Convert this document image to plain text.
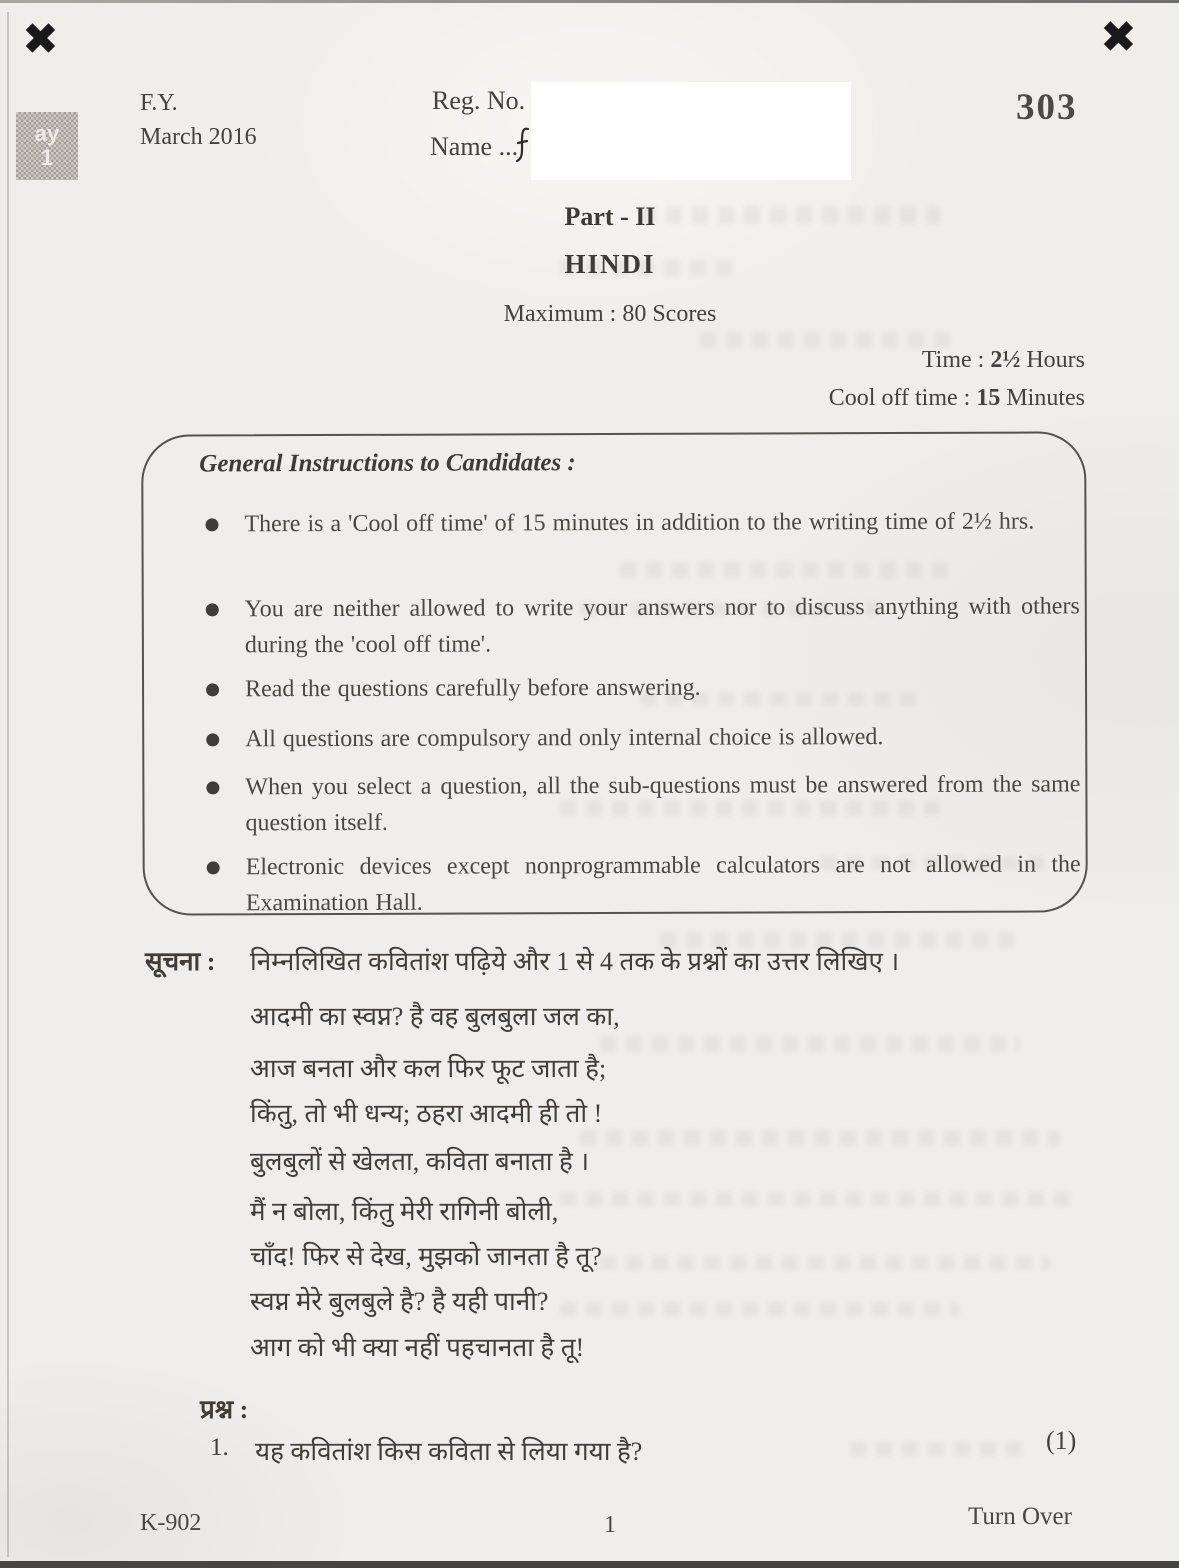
✖	✖
ay
1
F.Y.
March 2016
Reg. No.
Name ...
303
Part - II
HINDI
Maximum : 80 Scores
Time : 2½ Hours
Cool off time : 15 Minutes
General Instructions to Candidates :
There is a 'Cool off time' of 15 minutes in addition to the writing time of 2½ hrs.
You are neither allowed to write your answers nor to discuss anything with others during the 'cool off time'.
Read the questions carefully before answering.
All questions are compulsory and only internal choice is allowed.
When you select a question, all the sub-questions must be answered from the same question itself.
Electronic devices except nonprogrammable calculators are not allowed in the Examination Hall.
सूचना : निम्नलिखित कवितांश पढ़िये और 1 से 4 तक के प्रश्नों का उत्तर लिखिए ।
आदमी का स्वप्न? है वह बुलबुला जल का,
आज बनता और कल फिर फूट जाता है;
किंतु, तो भी धन्य; ठहरा आदमी ही तो !
बुलबुलों से खेलता, कविता बनाता है ।
मैं न बोला, किंतु मेरी रागिनी बोली,
चाँद! फिर से देख, मुझको जानता है तू?
स्वप्न मेरे बुलबुले है? है यही पानी?
आग को भी क्या नहीं पहचानता है तू!
प्रश्न :
1. यह कवितांश किस कविता से लिया गया है?	(1)
K-902	1	Turn Over
